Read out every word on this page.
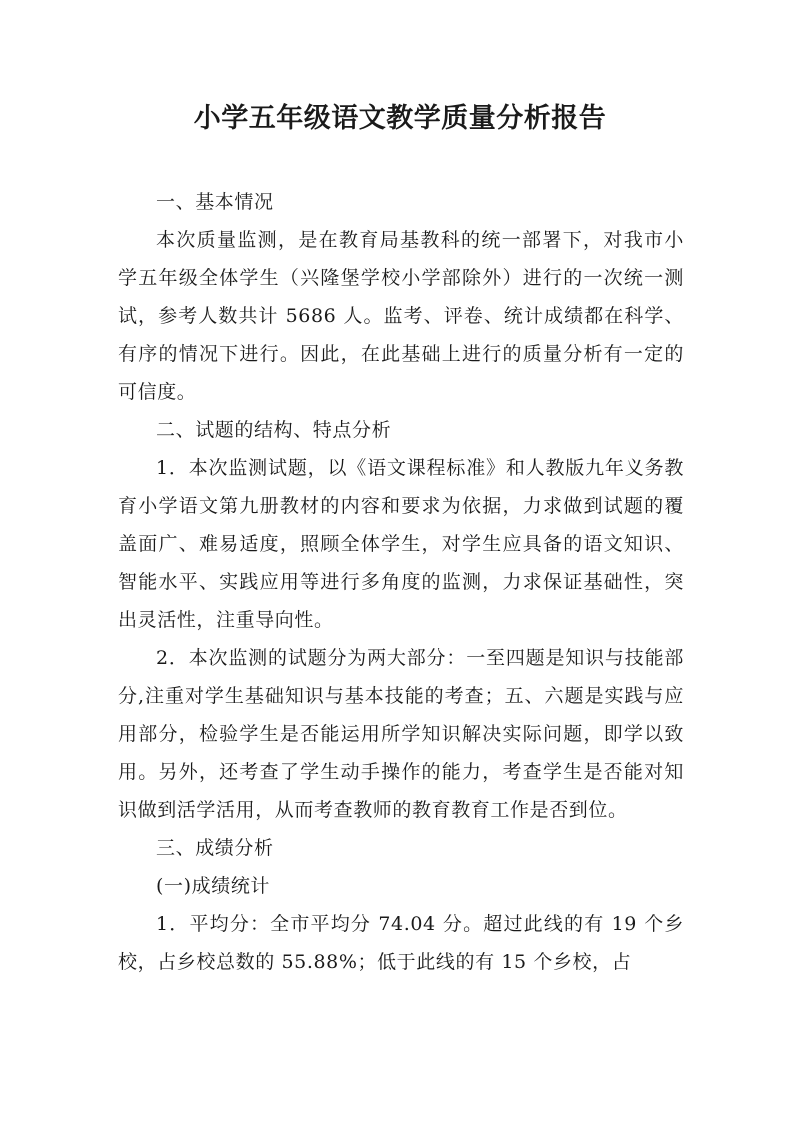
小学五年级语文教学质量分析报告

一、基本情况

本次质量监测，是在教育局基教科的统一部署下，对我市小学五年级全体学生（兴隆堡学校小学部除外）进行的一次统一测试，参考人数共计 5686 人。监考、评卷、统计成绩都在科学、有序的情况下进行。因此，在此基础上进行的质量分析有一定的可信度。

二、试题的结构、特点分析

1．本次监测试题，以《语文课程标准》和人教版九年义务教育小学语文第九册教材的内容和要求为依据，力求做到试题的覆盖面广、难易适度，照顾全体学生，对学生应具备的语文知识、智能水平、实践应用等进行多角度的监测，力求保证基础性，突出灵活性，注重导向性。

2．本次监测的试题分为两大部分：一至四题是知识与技能部分,注重对学生基础知识与基本技能的考查；五、六题是实践与应用部分，检验学生是否能运用所学知识解决实际问题，即学以致用。另外，还考查了学生动手操作的能力，考查学生是否能对知识做到活学活用，从而考查教师的教育教育工作是否到位。

三、成绩分析

(一)成绩统计

1．平均分：全市平均分 74.04 分。超过此线的有 19 个乡校，占乡校总数的 55.88%；低于此线的有 15 个乡校，占
